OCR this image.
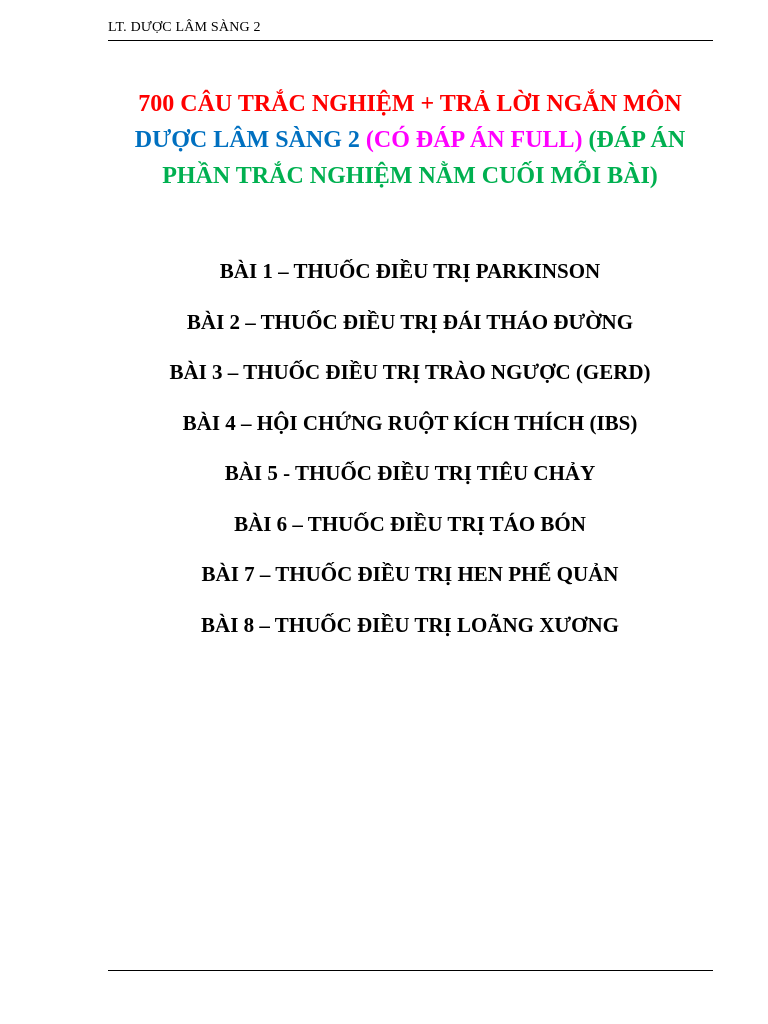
LT. DƯỢC LÂM SÀNG 2
700 CÂU TRẮC NGHIỆM + TRẢ LỜI NGẮN MÔN
DƯỢC LÂM SÀNG 2 (CÓ ĐÁP ÁN FULL) (ĐÁP ÁN
PHẦN TRẮC NGHIỆM NẰM CUỐI MỖI BÀI)
BÀI 1 – THUỐC ĐIỀU TRỊ PARKINSON
BÀI 2 – THUỐC ĐIỀU TRỊ ĐÁI THÁO ĐƯỜNG
BÀI 3 – THUỐC ĐIỀU TRỊ TRÀO NGƯỢC (GERD)
BÀI 4 – HỘI CHỨNG RUỘT KÍCH THÍCH (IBS)
BÀI 5 - THUỐC ĐIỀU TRỊ TIÊU CHẢY
BÀI 6 – THUỐC ĐIỀU TRỊ TÁO BÓN
BÀI 7 – THUỐC ĐIỀU TRỊ HEN PHẾ QUẢN
BÀI 8 – THUỐC ĐIỀU TRỊ LOÃNG XƯƠNG
